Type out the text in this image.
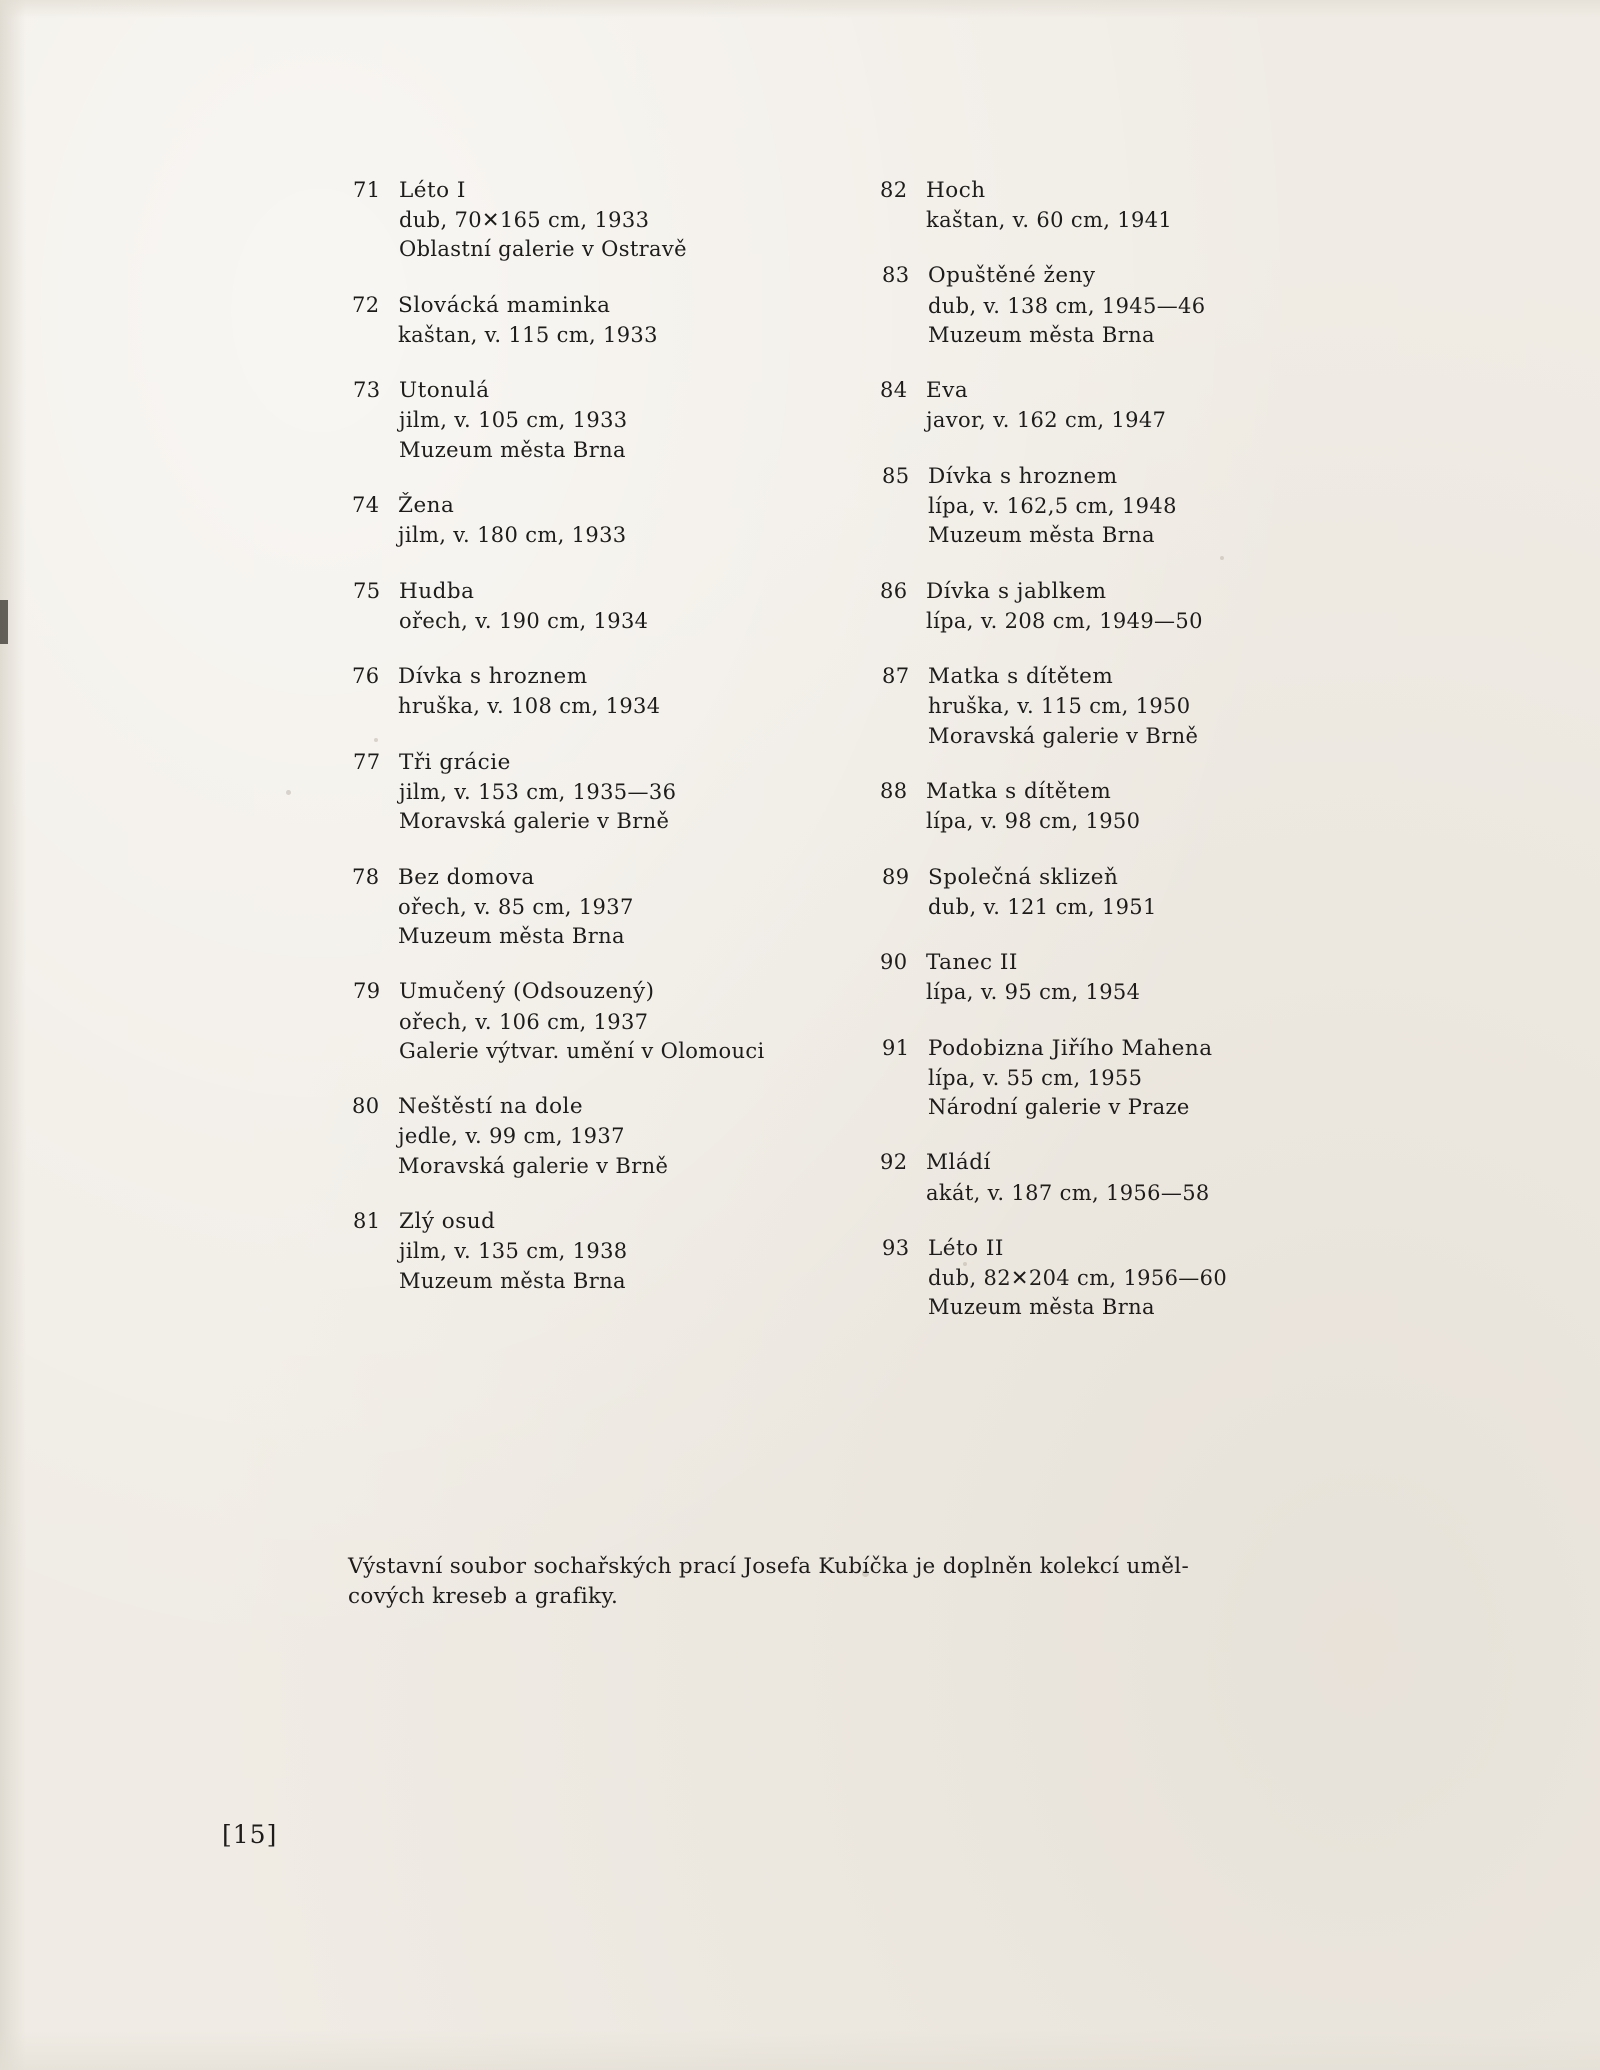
71 Léto I
dub, 70✕165 cm, 1933
Oblastní galerie v Ostravě
72 Slovácká maminka
kaštan, v. 115 cm, 1933
73 Utonulá
jilm, v. 105 cm, 1933
Muzeum města Brna
74 Žena
jilm, v. 180 cm, 1933
75 Hudba
ořech, v. 190 cm, 1934
76 Dívka s hroznem
hruška, v. 108 cm, 1934
77 Tři grácie
jilm, v. 153 cm, 1935—36
Moravská galerie v Brně
78 Bez domova
ořech, v. 85 cm, 1937
Muzeum města Brna
79 Umučený (Odsouzený)
ořech, v. 106 cm, 1937
Galerie výtvar. umění v Olomouci
80 Neštěstí na dole
jedle, v. 99 cm, 1937
Moravská galerie v Brně
81 Zlý osud
jilm, v. 135 cm, 1938
Muzeum města Brna
82 Hoch
kaštan, v. 60 cm, 1941
83 Opuštěné ženy
dub, v. 138 cm, 1945—46
Muzeum města Brna
84 Eva
javor, v. 162 cm, 1947
85 Dívka s hroznem
lípa, v. 162,5 cm, 1948
Muzeum města Brna
86 Dívka s jablkem
lípa, v. 208 cm, 1949—50
87 Matka s dítětem
hruška, v. 115 cm, 1950
Moravská galerie v Brně
88 Matka s dítětem
lípa, v. 98 cm, 1950
89 Společná sklizeň
dub, v. 121 cm, 1951
90 Tanec II
lípa, v. 95 cm, 1954
91 Podobizna Jiřího Mahena
lípa, v. 55 cm, 1955
Národní galerie v Praze
92 Mládí
akát, v. 187 cm, 1956—58
93 Léto II
dub, 82✕204 cm, 1956—60
Muzeum města Brna
Výstavní soubor sochařských prací Josefa Kubíčka je doplněn kolekcí uměl-
cových kreseb a grafiky.
[15]
